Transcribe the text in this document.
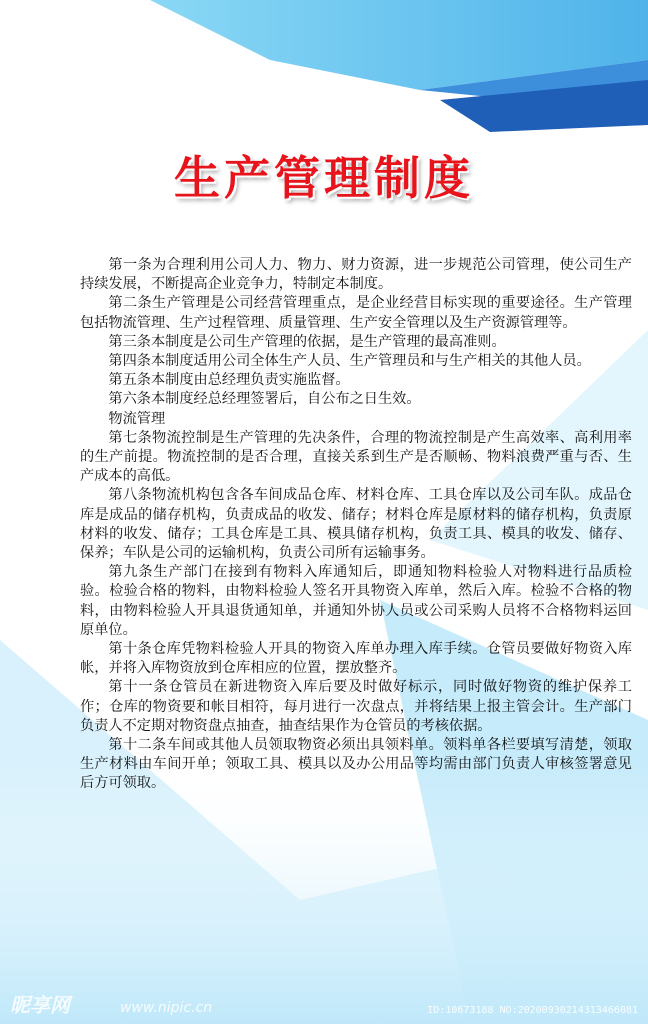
生产管理制度

第一条为合理利用公司人力、物力、财力资源，进一步规范公司管理，使公司生产持续发展，不断提高企业竞争力，特制定本制度。

第二条生产管理是公司经营管理重点，是企业经营目标实现的重要途径。生产管理包括物流管理、生产过程管理、质量管理、生产安全管理以及生产资源管理等。

第三条本制度是公司生产管理的依据，是生产管理的最高准则。

第四条本制度适用公司全体生产人员、生产管理员和与生产相关的其他人员。

第五条本制度由总经理负责实施监督。

第六条本制度经总经理签署后，自公布之日生效。

物流管理

第七条物流控制是生产管理的先决条件，合理的物流控制是产生高效率、高利用率的生产前提。物流控制的是否合理，直接关系到生产是否顺畅、物料浪费严重与否、生产成本的高低。

第八条物流机构包含各车间成品仓库、材料仓库、工具仓库以及公司车队。成品仓库是成品的储存机构，负责成品的收发、储存；材料仓库是原材料的储存机构，负责原材料的收发、储存；工具仓库是工具、模具储存机构，负责工具、模具的收发、储存、保养；车队是公司的运输机构，负责公司所有运输事务。

第九条生产部门在接到有物料入库通知后，即通知物料检验人对物料进行品质检验。检验合格的物料，由物料检验人签名开具物资入库单，然后入库。检验不合格的物料，由物料检验人开具退货通知单，并通知外协人员或公司采购人员将不合格物料运回原单位。

第十条仓库凭物料检验人开具的物资入库单办理入库手续。仓管员要做好物资入库帐，并将入库物资放到仓库相应的位置，摆放整齐。

第十一条仓管员在新进物资入库后要及时做好标示，同时做好物资的维护保养工作；仓库的物资要和帐目相符，每月进行一次盘点，并将结果上报主管会计。生产部门负责人不定期对物资盘点抽查，抽查结果作为仓管员的考核依据。

第十二条车间或其他人员领取物资必须出具领料单。领料单各栏要填写清楚，领取生产材料由车间开单；领取工具、模具以及办公用品等均需由部门负责人审核签署意见后方可领取。

昵享网	www.nipic.cn	ID:10673188 NO:20200930214313466081
